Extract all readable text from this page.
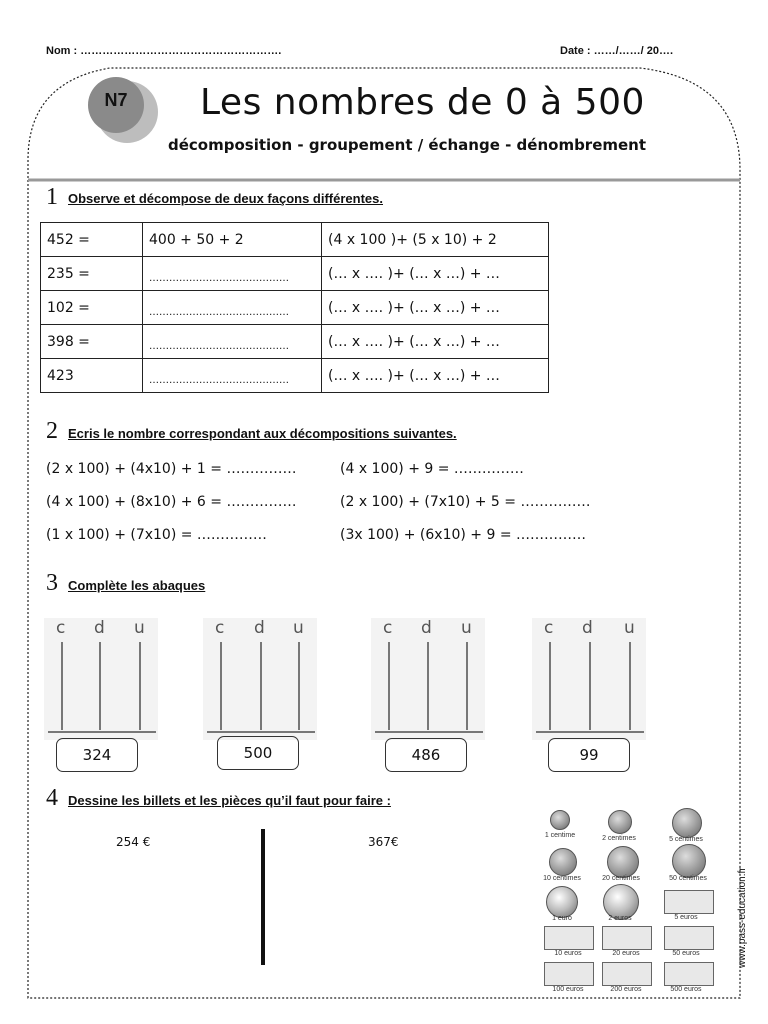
Nom : ……………………………………………….	Date : ……/……/ 20….
N7	Les nombres de 0 à 500
décomposition - groupement / échange - dénombrement
1 Observe et décompose de deux façons différentes.
452 =	400 + 50 + 2	(4 x 100 )+ (5 x 10) + 2
235 =	……………………………………	(… x …. )+ (… x …) + …
102 =	……………………………………	(… x …. )+ (… x …) + …
398 =	……………………………………	(… x …. )+ (… x …) + …
423	……………………………………	(… x …. )+ (… x …) + …
2 Ecris le nombre correspondant aux décompositions suivantes.
(2 x 100) + (4x10) + 1 = ……………	(4 x 100) + 9 = ……………
(4 x 100) + (8x10) + 6 = ……………	(2 x 100) + (7x10) + 5 = ……………
(1 x 100) + (7x10) = ……………	(3x 100) + (6x10) + 9 = ……………
3 Complète les abaques
c d u
324
c d u
500
c d u
486
c d u
99
4 Dessine les billets et les pièces qu’il faut pour faire :
254 €	367€	1 centime	2 centimes	5 centimes
10 centimes	20 centimes	50 centimes
1 euro	2 euros	5 euros
10 euros	20 euros	50 euros
100 euros	200 euros	500 euros
www.pass-education.fr
